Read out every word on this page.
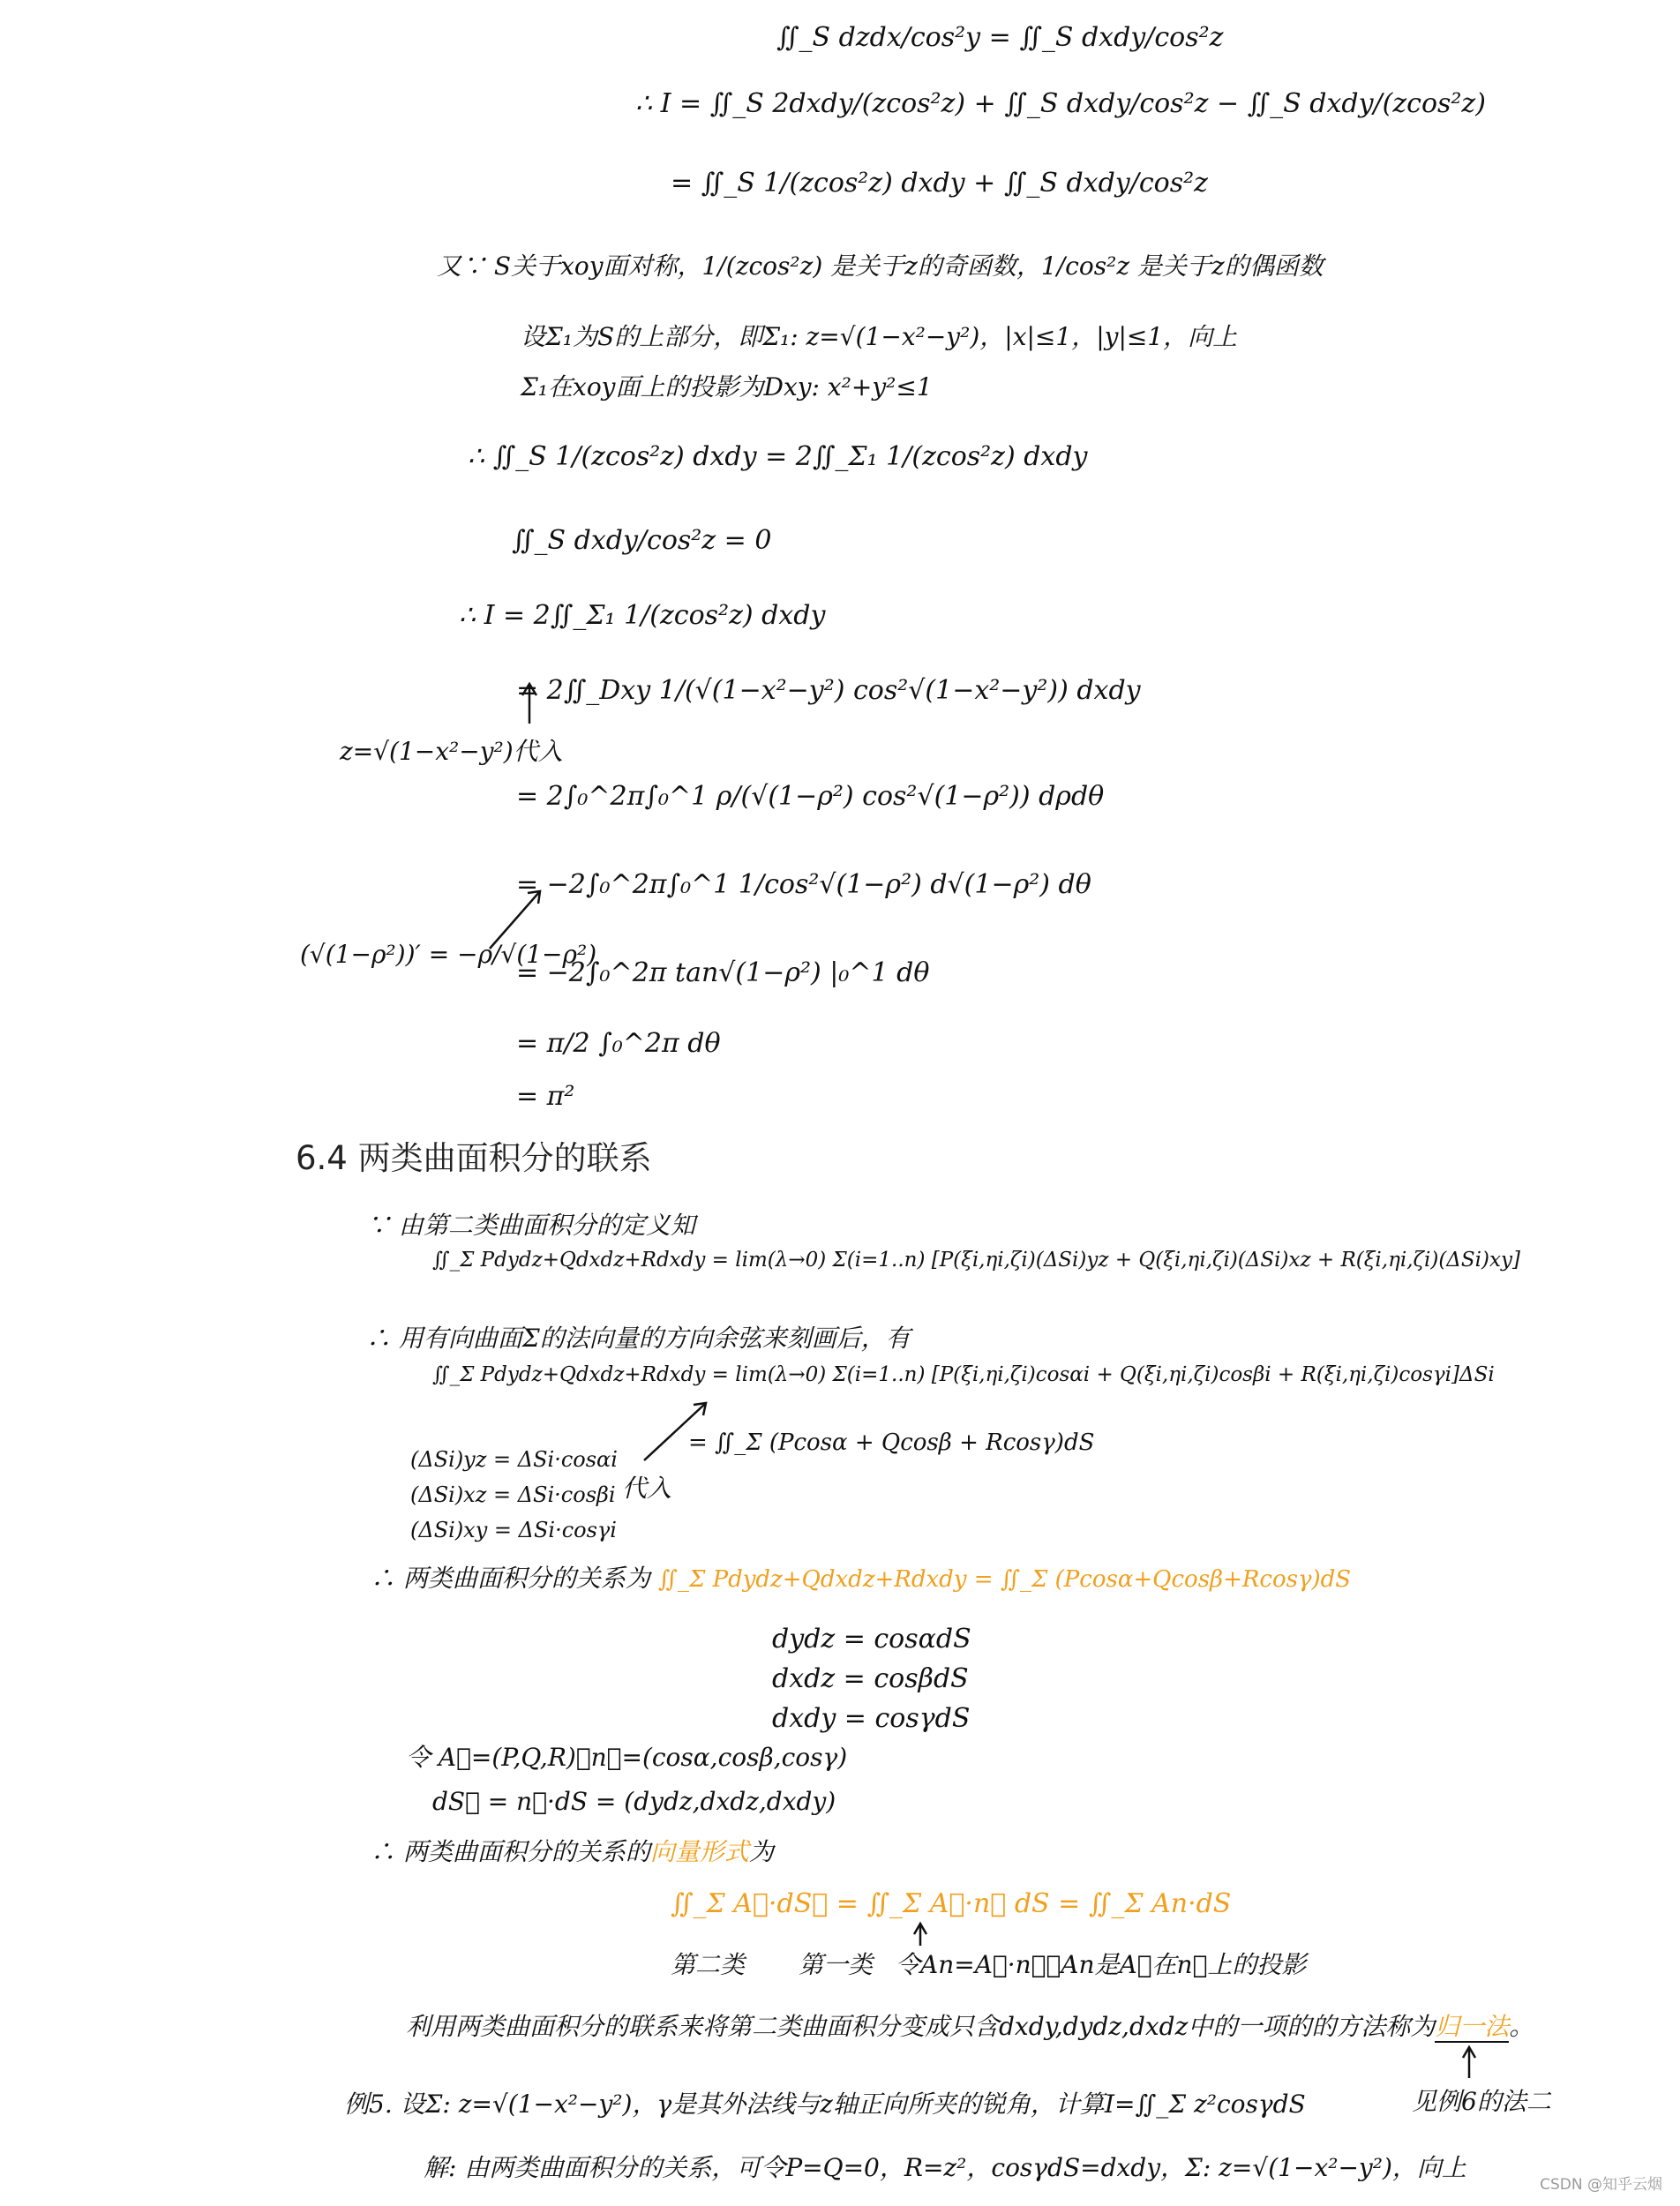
∬_S dzdx/cos²y = ∬_S dxdy/cos²z
∴ I = ∬_S 2dxdy/(zcos²z) + ∬_S dxdy/cos²z − ∬_S dxdy/(zcos²z)
= ∬_S 1/(zcos²z) dxdy + ∬_S dxdy/cos²z
又∵ S关于xoy面对称，1/(zcos²z) 是关于z的奇函数，1/cos²z 是关于z的偶函数
设Σ₁为S的上部分，即Σ₁: z=√(1−x²−y²)，|x|≤1，|y|≤1，向上
Σ₁在xoy面上的投影为Dxy: x²+y²≤1
∴ ∬_S 1/(zcos²z) dxdy = 2∬_Σ₁ 1/(zcos²z) dxdy
∬_S dxdy/cos²z = 0
∴ I = 2∬_Σ₁ 1/(zcos²z) dxdy
= 2∬_Dxy 1/(√(1−x²−y²) cos²√(1−x²−y²)) dxdy
z=√(1−x²−y²)代入
= 2∫₀^2π∫₀^1 ρ/(√(1−ρ²) cos²√(1−ρ²)) dρdθ
= −2∫₀^2π∫₀^1 1/cos²√(1−ρ²) d√(1−ρ²) dθ
(√(1−ρ²))′ = −ρ/√(1−ρ²)
= −2∫₀^2π tan√(1−ρ²) |₀^1 dθ
= π/2 ∫₀^2π dθ
= π²
6.4 两类曲面积分的联系
∵ 由第二类曲面积分的定义知
∬_Σ Pdydz+Qdxdz+Rdxdy = lim(λ→0) Σ(i=1..n) [P(ξi,ηi,ζi)(ΔSi)yz + Q(ξi,ηi,ζi)(ΔSi)xz + R(ξi,ηi,ζi)(ΔSi)xy]
∴ 用有向曲面Σ的法向量的方向余弦来刻画后，有
∬_Σ Pdydz+Qdxdz+Rdxdy = lim(λ→0) Σ(i=1..n) [P(ξi,ηi,ζi)cosαi + Q(ξi,ηi,ζi)cosβi + R(ξi,ηi,ζi)cosγi]ΔSi
= ∬_Σ (Pcosα + Qcosβ + Rcosγ)dS
(ΔSi)yz = ΔSi·cosαi
(ΔSi)xz = ΔSi·cosβi
(ΔSi)xy = ΔSi·cosγi
代入
∴ 两类曲面积分的关系为 ∬_Σ Pdydz+Qdxdz+Rdxdy = ∬_Σ (Pcosα+Qcosβ+Rcosγ)dS
dydz = cosαdS
dxdz = cosβdS
dxdy = cosγdS
令 A⃗=(P,Q,R)，n⃗=(cosα,cosβ,cosγ)
dS⃗ = n⃗·dS = (dydz,dxdz,dxdy)
∴ 两类曲面积分的关系的向量形式为
∬_Σ A⃗·dS⃗ = ∬_Σ A⃗·n⃗ dS = ∬_Σ An·dS
第二类 第一类 令An=A⃗·n⃗，An是A⃗在n⃗上的投影
利用两类曲面积分的联系来将第二类曲面积分变成只含dxdy,dydz,dxdz中的一项的的方法称为归一法。
见例6的法二
例5. 设Σ: z=√(1−x²−y²)，γ是其外法线与z轴正向所夹的锐角，计算I=∬_Σ z²cosγdS
解: 由两类曲面积分的关系，可令P=Q=0，R=z²，cosγdS=dxdy，Σ: z=√(1−x²−y²)，向上
CSDN @知乎云烟
